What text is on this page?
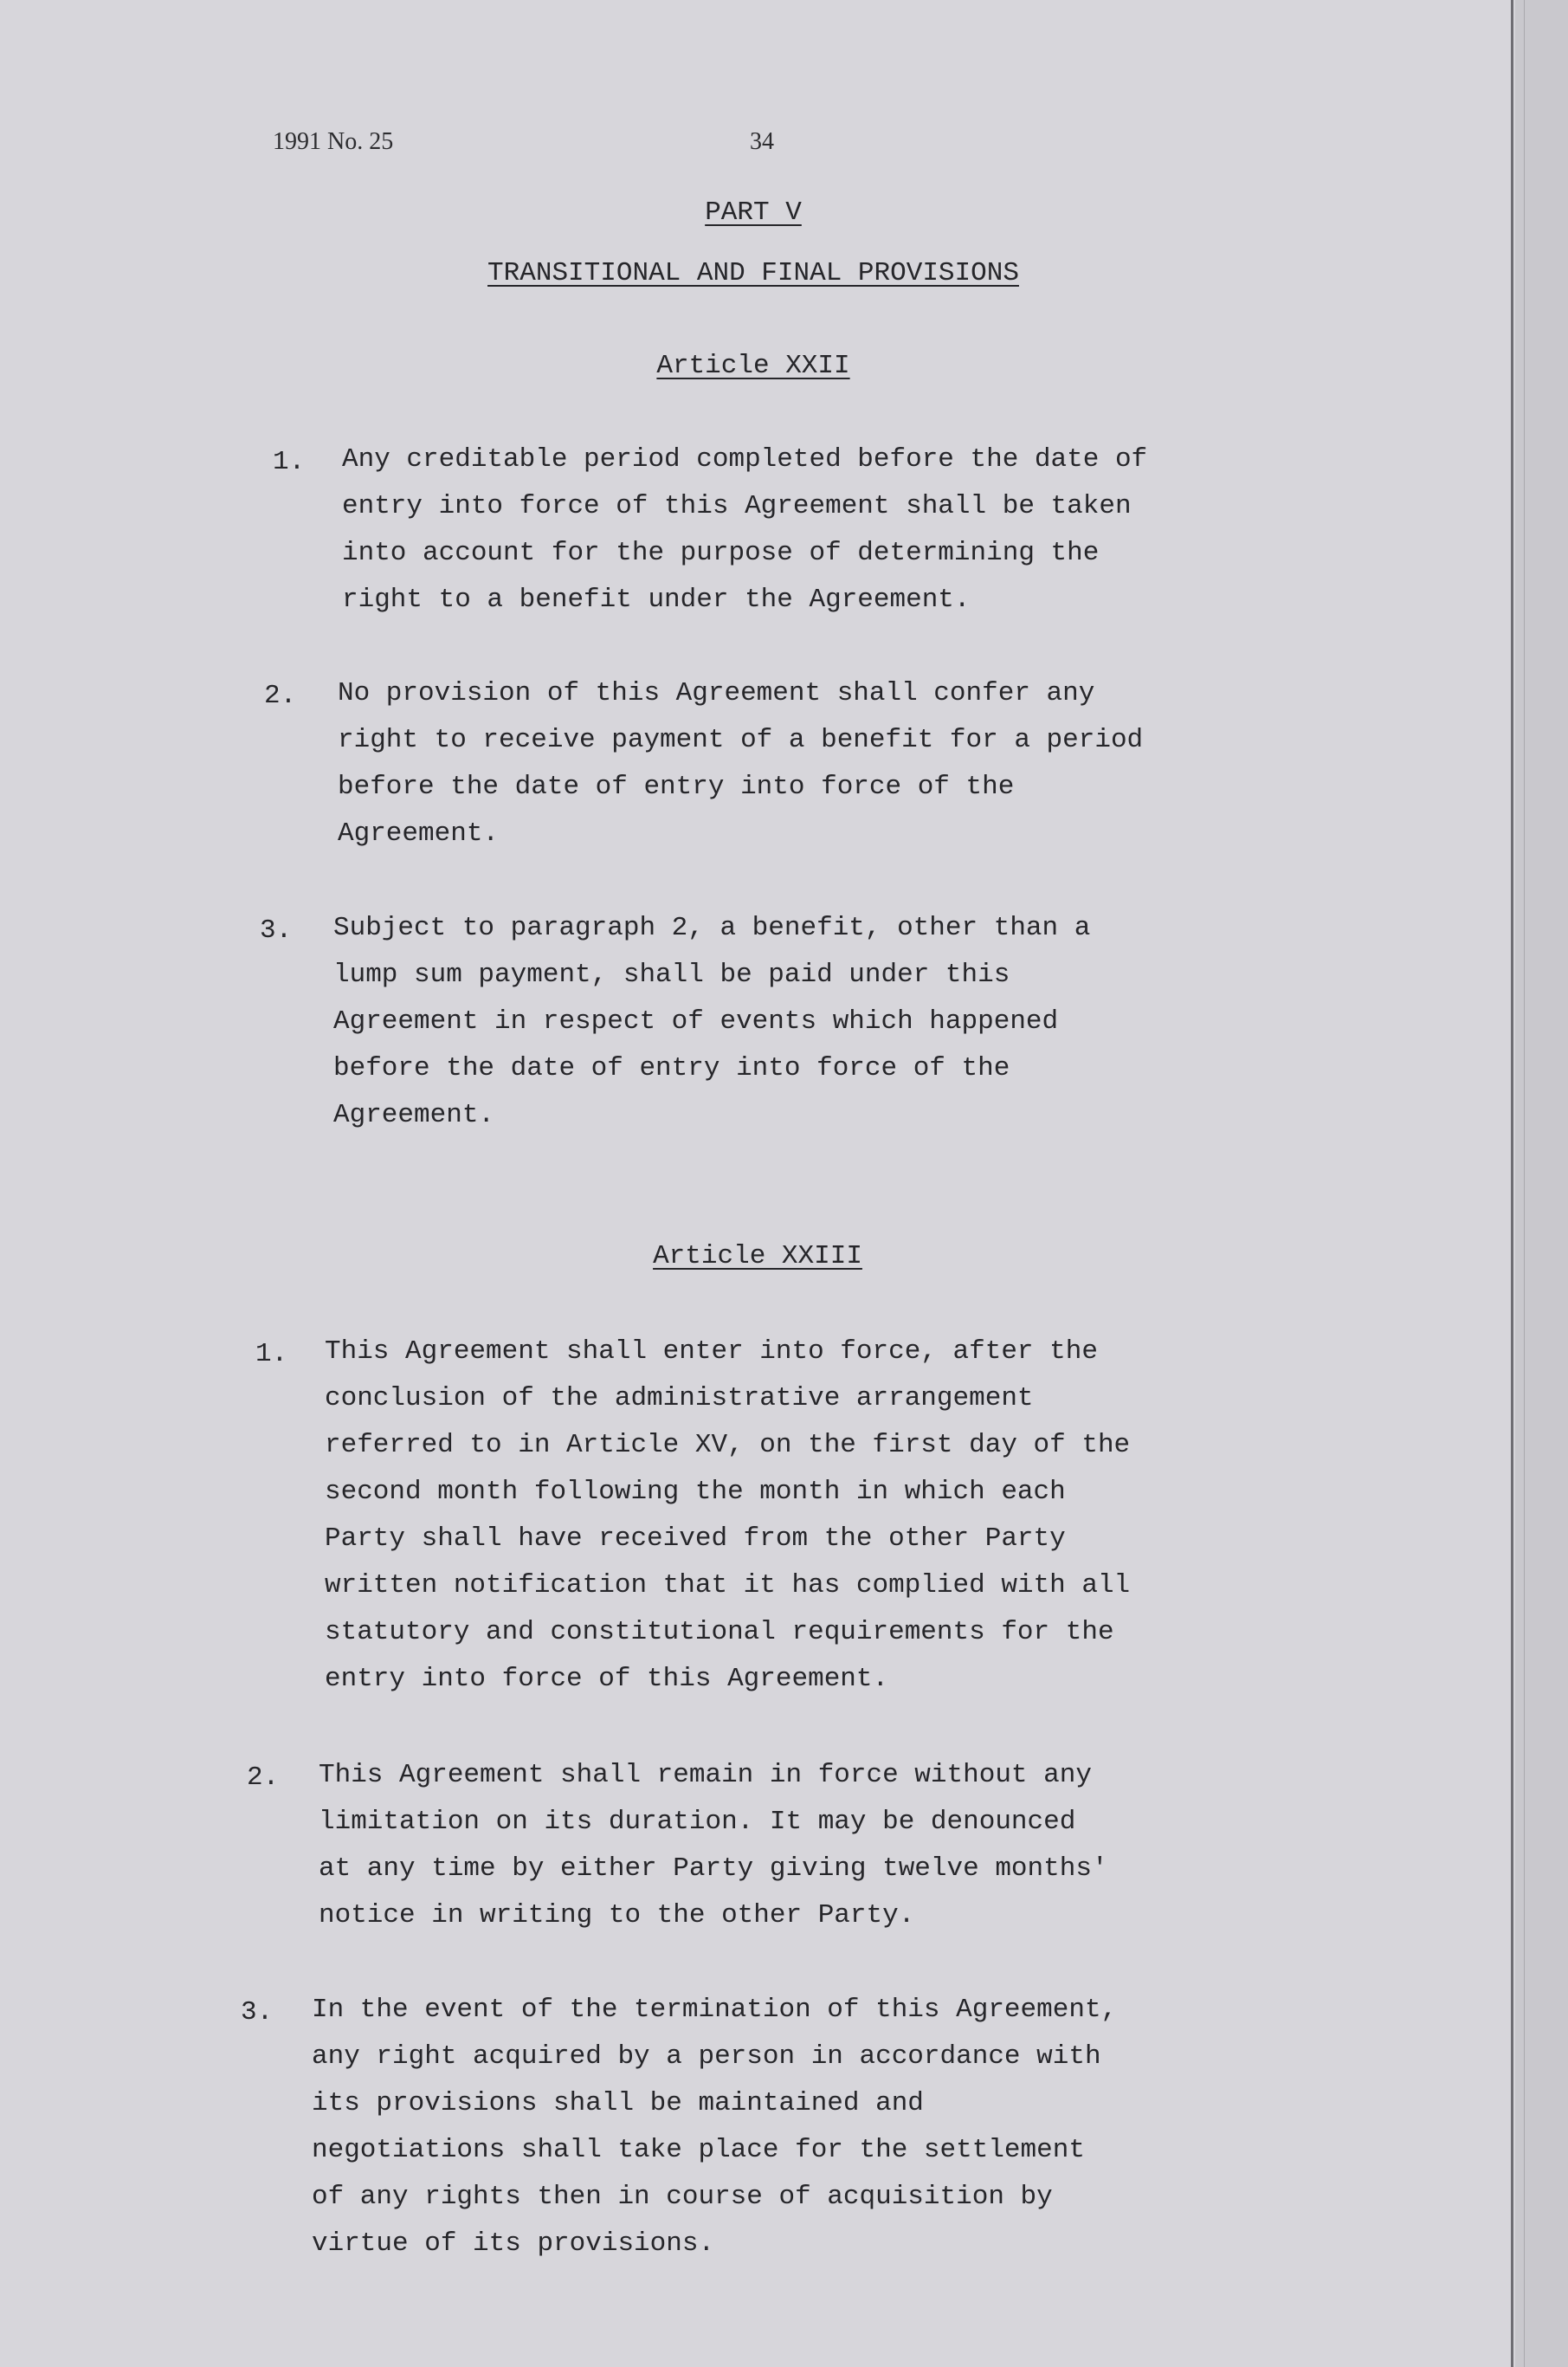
1991 No. 25	34
PART V
TRANSITIONAL AND FINAL PROVISIONS
Article XXII
1. Any creditable period completed before the date of
entry into force of this Agreement shall be taken
into account for the purpose of determining the
right to a benefit under the Agreement.
2. No provision of this Agreement shall confer any
right to receive payment of a benefit for a period
before the date of entry into force of the
Agreement.
3. Subject to paragraph 2, a benefit, other than a
lump sum payment, shall be paid under this
Agreement in respect of events which happened
before the date of entry into force of the
Agreement.
Article XXIII
1. This Agreement shall enter into force, after the
conclusion of the administrative arrangement
referred to in Article XV, on the first day of the
second month following the month in which each
Party shall have received from the other Party
written notification that it has complied with all
statutory and constitutional requirements for the
entry into force of this Agreement.
2. This Agreement shall remain in force without any
limitation on its duration. It may be denounced
at any time by either Party giving twelve months'
notice in writing to the other Party.
3. In the event of the termination of this Agreement,
any right acquired by a person in accordance with
its provisions shall be maintained and
negotiations shall take place for the settlement
of any rights then in course of acquisition by
virtue of its provisions.
